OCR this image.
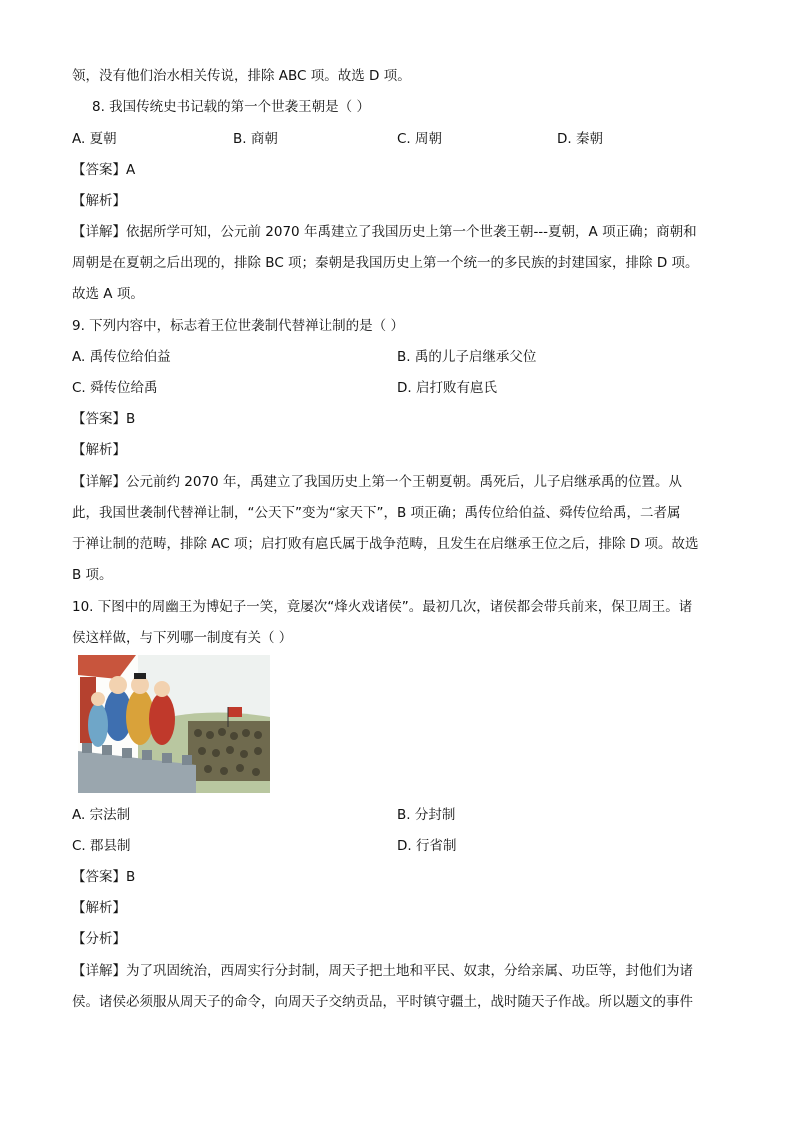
领，没有他们治水相关传说，排除 ABC 项。故选 D 项。
8. 我国传统史书记载的第一个世袭王朝是（ ）
A. 夏朝	B. 商朝	C. 周朝	D. 秦朝
【答案】A
【解析】
【详解】依据所学可知，公元前 2070 年禹建立了我国历史上第一个世袭王朝---夏朝，A 项正确；商朝和
周朝是在夏朝之后出现的，排除 BC 项；秦朝是我国历史上第一个统一的多民族的封建国家，排除 D 项。
故选 A 项。
9. 下列内容中，标志着王位世袭制代替禅让制的是（ ）
A. 禹传位给伯益	B. 禹的儿子启继承父位
C. 舜传位给禹	D. 启打败有扈氏
【答案】B
【解析】
【详解】公元前约 2070 年，禹建立了我国历史上第一个王朝夏朝。禹死后，儿子启继承禹的位置。从
此，我国世袭制代替禅让制，“公天下”变为“家天下”，B 项正确；禹传位给伯益、舜传位给禹，二者属
于禅让制的范畴，排除 AC 项；启打败有扈氏属于战争范畴，且发生在启继承王位之后，排除 D 项。故选
B 项。
10. 下图中的周幽王为博妃子一笑，竟屡次“烽火戏诸侯”。最初几次，诸侯都会带兵前来，保卫周王。诸
侯这样做，与下列哪一制度有关（ ）
A. 宗法制	B. 分封制
C. 郡县制	D. 行省制
【答案】B
【解析】
【分析】
【详解】为了巩固统治，西周实行分封制，周天子把土地和平民、奴隶，分给亲属、功臣等，封他们为诸
侯。诸侯必须服从周天子的命令，向周天子交纳贡品，平时镇守疆土，战时随天子作战。所以题文的事件
